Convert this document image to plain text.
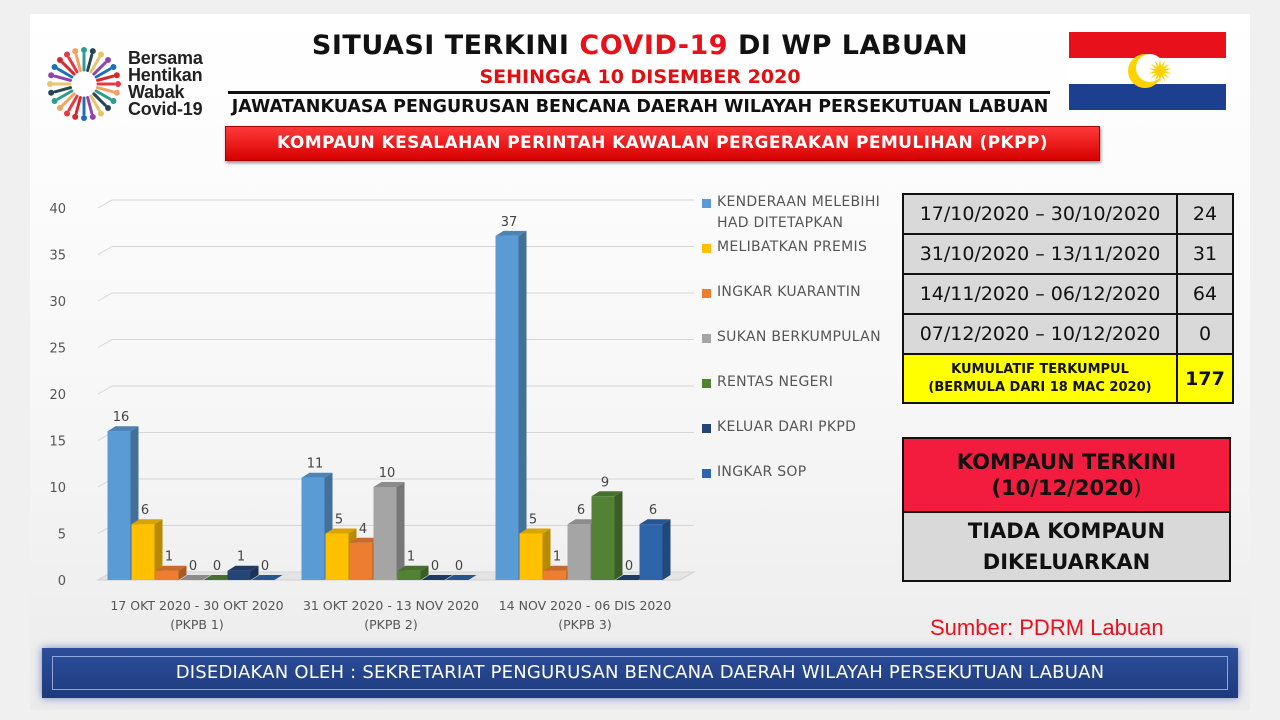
Bersama
Hentikan
Wabak
Covid-19
SITUASI TERKINI COVID-19 DI WP LABUAN
SEHINGGA 10 DISEMBER 2020
JAWATANKUASA PENGURUSAN BENCANA DAERAH WILAYAH PERSEKUTUAN LABUAN
KOMPAUN KESALAHAN PERINTAH KAWALAN PERGERAKAN PEMULIHAN (PKPP)
0
5
10
15
20
25
30
35
40
16
6
1
0 0
1
0
17 OKT 2020 - 30 OKT 2020
(PKPB 1)
11
5
4
10
1
0 0
31 OKT 2020 - 13 NOV 2020
(PKPB 2)
37
5
1
6
9
0
6
14 NOV 2020 - 06 DIS 2020
(PKPB 3)
KENDERAAN MELEBIHI
HAD DITETAPKAN
MELIBATKAN PREMIS
INGKAR KUARANTIN
SUKAN BERKUMPULAN
RENTAS NEGERI
KELUAR DARI PKPD
INGKAR SOP
17/10/2020 – 30/10/2020	24
31/10/2020 – 13/11/2020	31
14/11/2020 – 06/12/2020	64
07/12/2020 – 10/12/2020	0

KUMULATIF TERKUMPUL
(BERMULA DARI 18 MAC 2020)	177
KOMPAUN TERKINI
(10/12/2020)
TIADA KOMPAUN
DIKELUARKAN
Sumber: PDRM Labuan
DISEDIAKAN OLEH : SEKRETARIAT PENGURUSAN BENCANA DAERAH WILAYAH PERSEKUTUAN LABUAN
